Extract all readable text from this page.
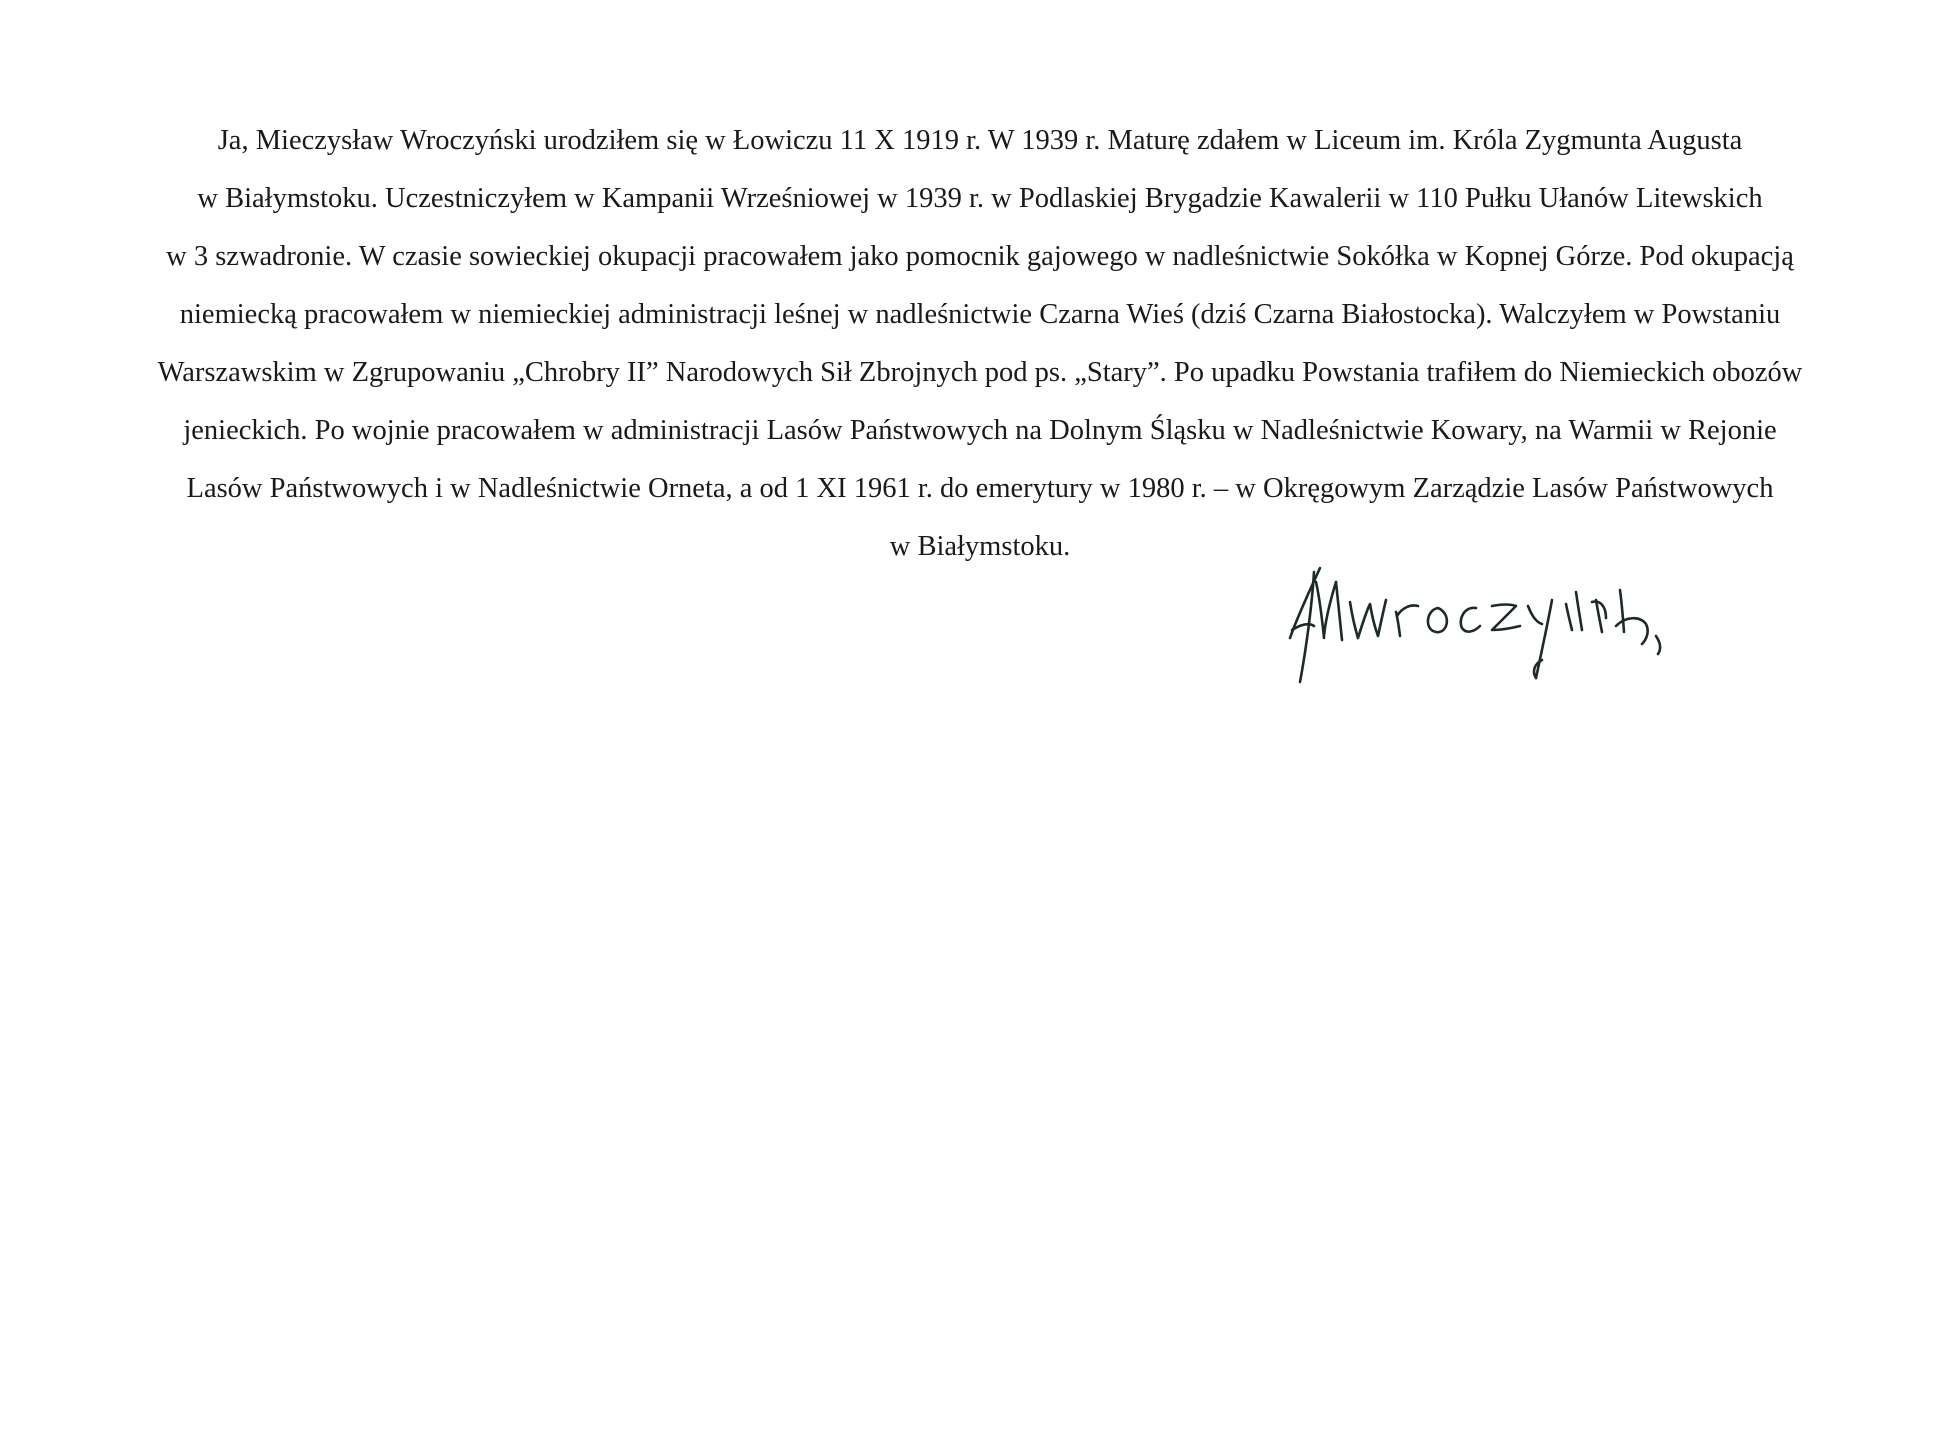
Ja, Mieczysław Wroczyński urodziłem się w Łowiczu 11 X 1919 r. W 1939 r. Maturę zdałem w Liceum im. Króla Zygmunta Augusta
w Białymstoku. Uczestniczyłem w Kampanii Wrześniowej w 1939 r. w Podlaskiej Brygadzie Kawalerii w 110 Pułku Ułanów Litewskich
w 3 szwadronie. W czasie sowieckiej okupacji pracowałem jako pomocnik gajowego w nadleśnictwie Sokółka w Kopnej Górze. Pod okupacją
niemiecką pracowałem w niemieckiej administracji leśnej w nadleśnictwie Czarna Wieś (dziś Czarna Białostocka). Walczyłem w Powstaniu
Warszawskim w Zgrupowaniu „Chrobry II” Narodowych Sił Zbrojnych pod ps. „Stary”. Po upadku Powstania trafiłem do Niemieckich obozów
jenieckich. Po wojnie pracowałem w administracji Lasów Państwowych na Dolnym Śląsku w Nadleśnictwie Kowary, na Warmii w Rejonie
Lasów Państwowych i w Nadleśnictwie Orneta, a od 1 XI 1961 r. do emerytury w 1980 r. – w Okręgowym Zarządzie Lasów Państwowych
w Białymstoku.
